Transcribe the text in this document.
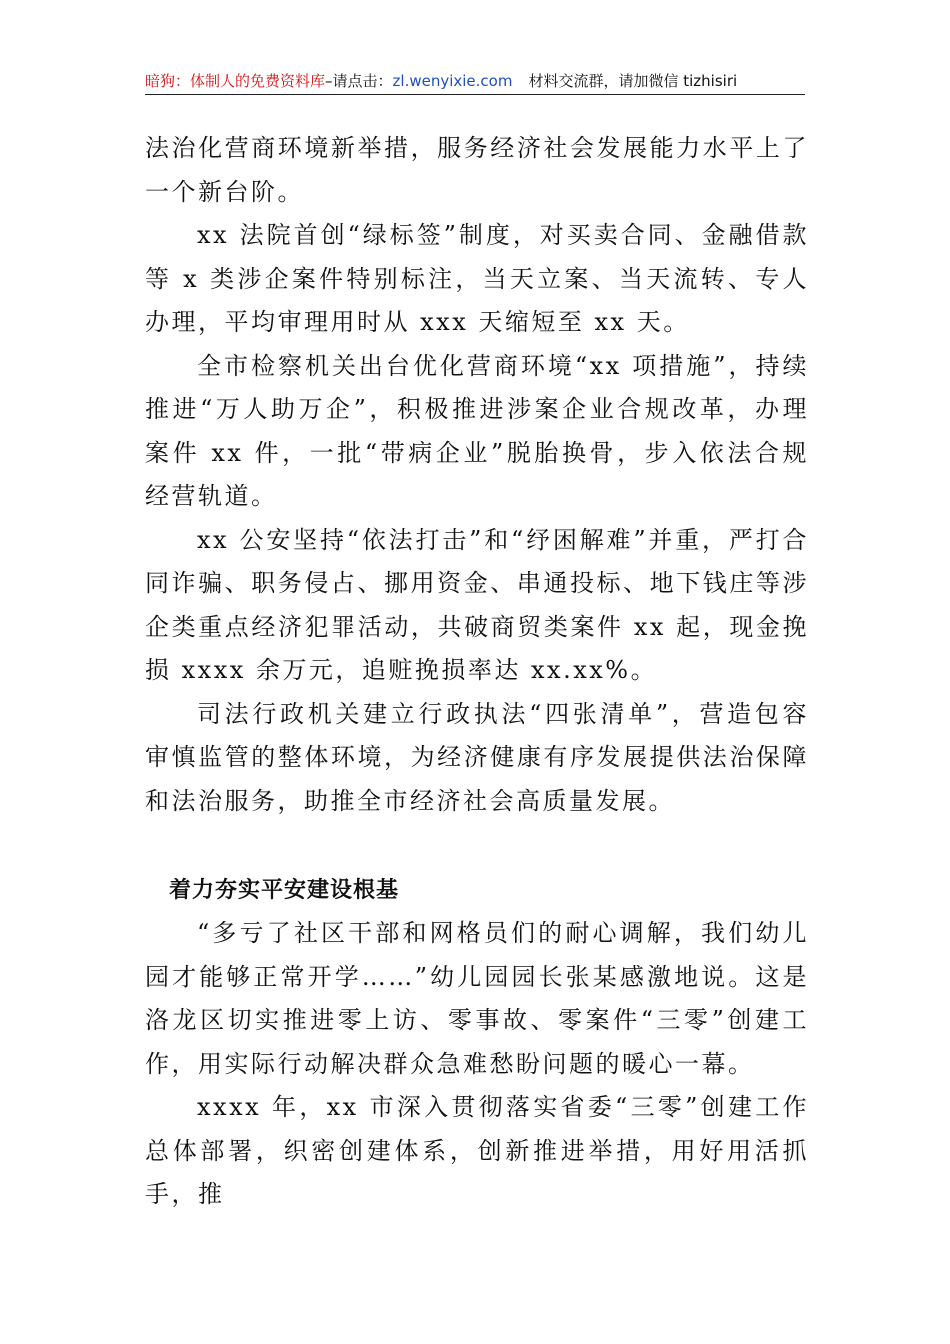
暗狗：体制人的免费资料库–请点击：zl.wenyixie.com 材料交流群，请加微信 tizhisiri

法治化营商环境新举措，服务经济社会发展能力水平上了一个新台阶。

xx 法院首创“绿标签”制度，对买卖合同、金融借款等 x 类涉企案件特别标注，当天立案、当天流转、专人办理，平均审理用时从 xxx 天缩短至 xx 天。

全市检察机关出台优化营商环境“xx 项措施”，持续推进“万人助万企”，积极推进涉案企业合规改革，办理案件 xx 件，一批“带病企业”脱胎换骨，步入依法合规经营轨道。

xx 公安坚持“依法打击”和“纾困解难”并重，严打合同诈骗、职务侵占、挪用资金、串通投标、地下钱庄等涉企类重点经济犯罪活动，共破商贸类案件 xx 起，现金挽损 xxxx 余万元，追赃挽损率达 xx.xx%。

司法行政机关建立行政执法“四张清单”，营造包容审慎监管的整体环境，为经济健康有序发展提供法治保障和法治服务，助推全市经济社会高质量发展。

着力夯实平安建设根基

“多亏了社区干部和网格员们的耐心调解，我们幼儿园才能够正常开学……”幼儿园园长张某感激地说。这是洛龙区切实推进零上访、零事故、零案件“三零”创建工作，用实际行动解决群众急难愁盼问题的暖心一幕。

xxxx 年，xx 市深入贯彻落实省委“三零”创建工作总体部署，织密创建体系，创新推进举措，用好用活抓手，推
